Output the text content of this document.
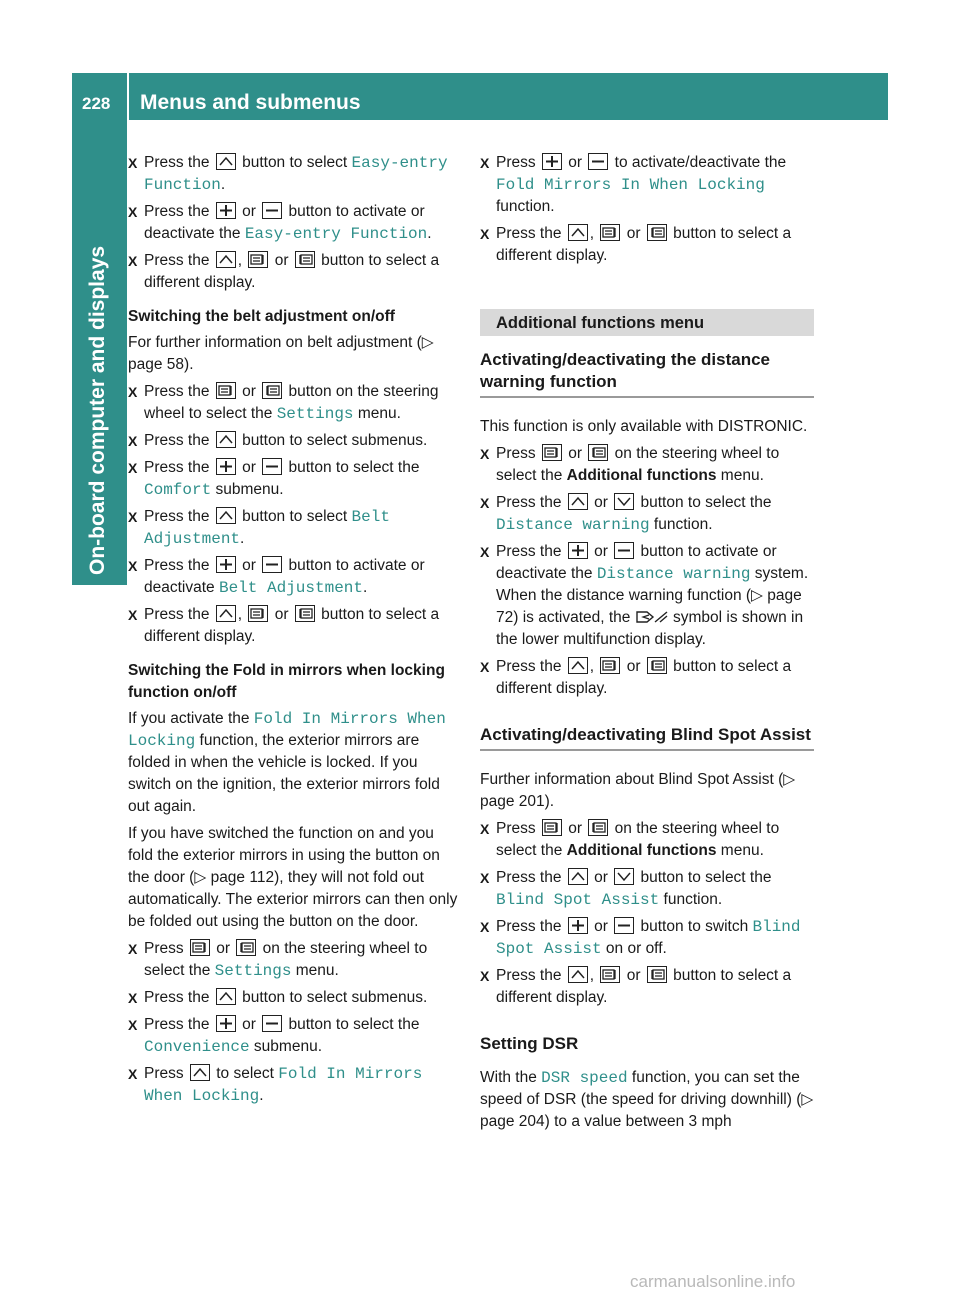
228 Menus and submenus
On-board computer and displays
X Press the
button to select Easy-entry Function.
X Press the
or
button to activate or deactivate the Easy-entry Function.
X Press the
,
or
button to select a different display.
Switching the belt adjustment on/off

For further information on belt adjustment (▷ page 58).

X Press the
or
button on the steering wheel to select the Settings menu.
X Press the
button to select submenus.
X Press the
or
button to select the Comfort submenu.
X Press the
button to select Belt Adjustment.
X Press the
or
button to activate or deactivate Belt Adjustment.
X Press the
,
or
button to select a different display.
Switching the Fold in mirrors when locking function on/off

If you activate the Fold In Mirrors When Locking function, the exterior mirrors are folded in when the vehicle is locked. If you switch on the ignition, the exterior mirrors fold out again.

If you have switched the function on and you fold the exterior mirrors in using the button on the door (▷ page 112), they will not fold out automatically. The exterior mirrors can then only be folded out using the button on the door.

X Press
or
on the steering wheel to select the Settings menu.
X Press the
button to select submenus.
X Press the
or
button to select the Convenience submenu.
X Press
to select Fold In Mirrors When Locking.
X Press
or
to activate/deactivate the Fold Mirrors In When Locking function.
X Press the
,
or
button to select a different display.
Additional functions menu
Activating/deactivating the distance warning function

This function is only available with DISTRONIC.

X Press
or
on the steering wheel to select the Additional functions menu.
X Press the
or
button to select the Distance warning function.
X Press the
or
button to activate or deactivate the Distance warning system.
When the distance warning function (▷ page 72) is activated, the  symbol is shown in the lower multifunction display.
X Press the
,
or
button to select a different display.
Activating/deactivating Blind Spot Assist

Further information about Blind Spot Assist (▷ page 201).

X Press
or
on the steering wheel to select the Additional functions menu.
X Press the
or
button to select the Blind Spot Assist function.
X Press the
or
button to switch Blind Spot Assist on or off.
X Press the
,
or
button to select a different display.
Setting DSR

With the DSR speed function, you can set the speed of DSR (the speed for driving downhill) (▷ page 204) to a value between 3 mph

carmanualsonline.info
